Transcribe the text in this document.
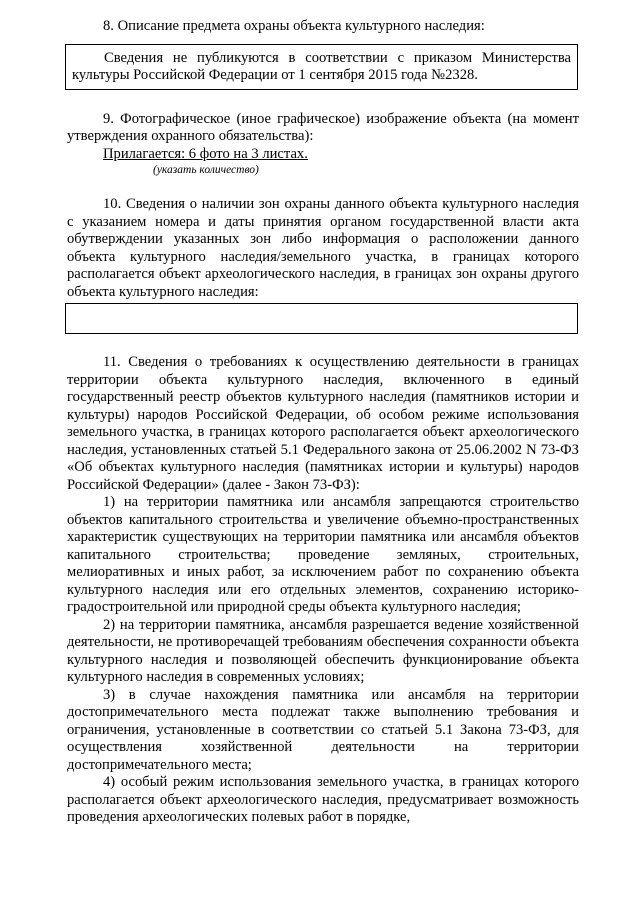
8. Описание предмета охраны объекта культурного наследия:

Сведения не публикуются в соответствии с приказом Министерства культуры Российской Федерации от 1 сентября 2015 года №2328.

9. Фотографическое (иное графическое) изображение объекта (на момент утверждения охранного обязательства):

Прилагается: 6 фото на 3 листах.

(указать количество)

10. Сведения о наличии зон охраны данного объекта культурного наследия с указанием номера и даты принятия органом государственной власти акта обутверждении указанных зон либо информация о расположении данного объекта культурного наследия/земельного участка, в границах которого располагается объект археологического наследия, в границах зон охраны другого объекта культурного наследия:

11. Сведения о требованиях к осуществлению деятельности в границах территории объекта культурного наследия, включенного в единый государственный реестр объектов культурного наследия (памятников истории и культуры) народов Российской Федерации, об особом режиме использования земельного участка, в границах которого располагается объект археологического наследия, установленных статьей 5.1 Федерального закона от 25.06.2002 N 73-ФЗ «Об объектах культурного наследия (памятниках истории и культуры) народов Российской Федерации» (далее - Закон 73-ФЗ):

1) на территории памятника или ансамбля запрещаются строительство объектов капитального строительства и увеличение объемно-пространственных характеристик существующих на территории памятника или ансамбля объектов капитального строительства; проведение земляных, строительных, мелиоративных и иных работ, за исключением работ по сохранению объекта культурного наследия или его отдельных элементов, сохранению историко-градостроительной или природной среды объекта культурного наследия;

2) на территории памятника, ансамбля разрешается ведение хозяйственной деятельности, не противоречащей требованиям обеспечения сохранности объекта культурного наследия и позволяющей обеспечить функционирование объекта культурного наследия в современных условиях;

3) в случае нахождения памятника или ансамбля на территории достопримечательного места подлежат также выполнению требования и ограничения, установленные в соответствии со статьей 5.1 Закона 73-ФЗ, для осуществления хозяйственной деятельности на территории достопримечательного места;

4) особый режим использования земельного участка, в границах которого располагается объект археологического наследия, предусматривает возможность проведения археологических полевых работ в порядке,
